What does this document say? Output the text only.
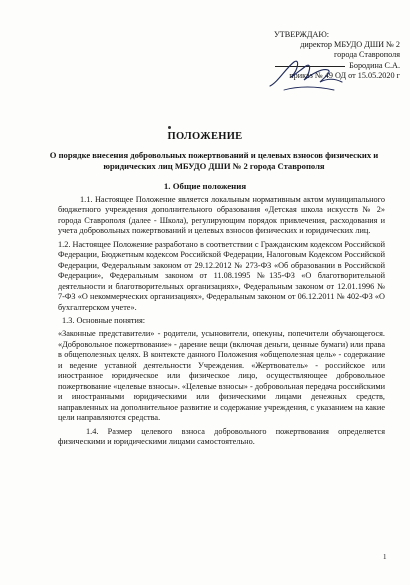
УТВЕРЖДАЮ:
директор МБУДО ДШИ № 2
города Ставрополя
Бородина С.А.
приказ № 49 ОД от 15.05.2020 г
ПОЛОЖЕНИЕ
О порядке внесения добровольных пожертвований и целевых взносов физических и юридических лиц МБУДО ДШИ № 2 города Ставрополя
1. Общие положения

1.1. Настоящее Положение является локальным нормативным актом муниципального бюджетного учреждения дополнительного образования «Детская школа искусств № 2» города Ставрополя (далее - Школа), регулирующим порядок привлечения, расходования и учета добровольных пожертвований и целевых взносов физических и юридических лиц.

1.2. Настоящее Положение разработано в соответствии с Гражданским кодексом Российской Федерации, Бюджетным кодексом Российской Федерации, Налоговым Кодексом Российской Федерации, Федеральным законом от 29.12.2012 № 273-ФЗ «Об образовании в Российской Федерации», Федеральным законом от 11.08.1995 №135-ФЗ «О благотворительной деятельности и благотворительных организациях», Федеральным законом от 12.01.1996 № 7-ФЗ «О некоммерческих организациях», Федеральным законом от 06.12.2011 № 402-ФЗ «О бухгалтерском учете».

1.3. Основные понятия:

«Законные представители» - родители, усыновители, опекуны, попечители обучающегося. «Добровольное пожертвование» - дарение вещи (включая деньги, ценные бумаги) или права в общеполезных целях. В контексте данного Положения «общеполезная цель» - содержание и ведение уставной деятельности Учреждения. «Жертвователь» - российское или иностранное юридическое или физическое лицо, осуществляющее добровольное пожертвование «целевые взносы». «Целевые взносы» - добровольная передача российскими и иностранными юридическими или физическими лицами денежных средств, направленных на дополнительное развитие и содержание учреждения, с указанием на какие цели направляются средства.

1.4. Размер целевого взноса добровольного пожертвования определяется физическими и юридическими лицами самостоятельно.

1
